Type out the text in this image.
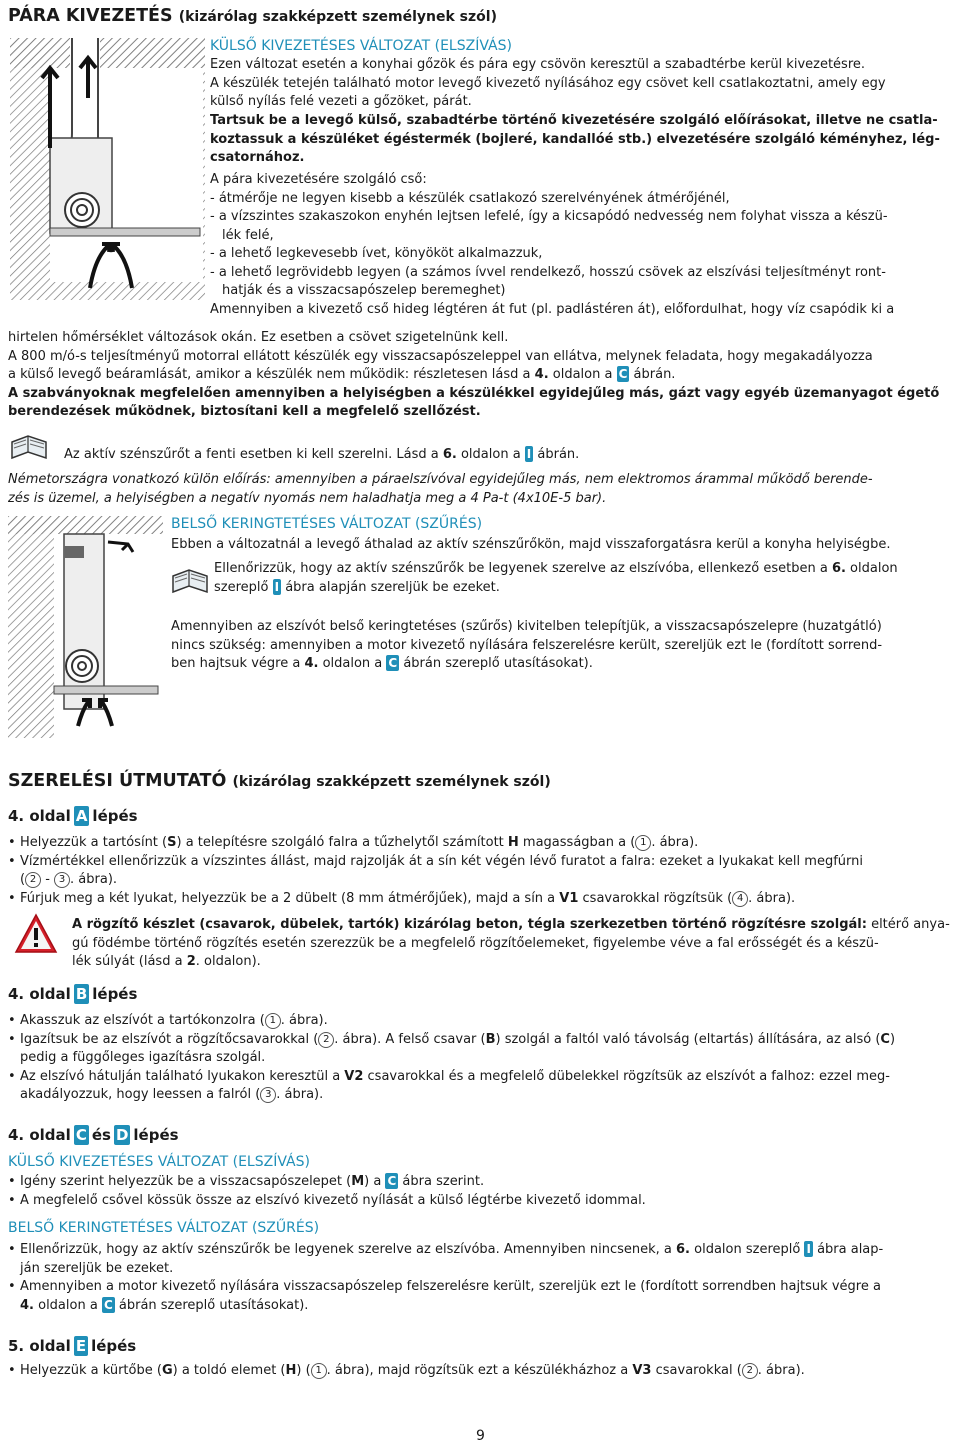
PÁRA KIVEZETÉS (kizárólag szakképzett személynek szól)
KÜLSŐ KIVEZETÉSES VÁLTOZAT (ELSZÍVÁS)
Ezen változat esetén a konyhai gőzök és pára egy csövön keresztül a szabadtérbe kerül kivezetésre.
A készülék tetején található motor levegő kivezető nyílásához egy csövet kell csatlakoztatni, amely egy
külső nyílás felé vezeti a gőzöket, párát.
Tartsuk be a levegő külső, szabadtérbe történő kivezetésére szolgáló előírásokat, illetve ne csatla-
koztassuk a készüléket égéstermék (bojleré, kandallóé stb.) elvezetésére szolgáló kéményhez, lég-
csatornához.
A pára kivezetésére szolgáló cső:
- átmérője ne legyen kisebb a készülék csatlakozó szerelvényének átmérőjénél,
- a vízszintes szakaszokon enyhén lejtsen lefelé, így a kicsapódó nedvesség nem folyhat vissza a készü-
lék felé,
- a lehető legkevesebb ívet, könyököt alkalmazzuk,
- a lehető legrövidebb legyen (a számos ívvel rendelkező, hosszú csövek az elszívási teljesítményt ront-
hatják és a visszacsapószelep beremeghet)
Amennyiben a kivezető cső hideg légtéren át fut (pl. padlástéren át), előfordulhat, hogy víz csapódik ki a
hirtelen hőmérséklet változások okán. Ez esetben a csövet szigetelnünk kell.
A 800 m/ó-s teljesítményű motorral ellátott készülék egy visszacsapószeleppel van ellátva, melynek feladata, hogy megakadályozza
a külső levegő beáramlását, amikor a készülék nem működik: részletesen lásd a 4. oldalon a C ábrán.
A szabványoknak megfelelően amennyiben a helyiségben a készülékkel egyidejűleg más, gázt vagy egyéb üzemanyagot égető
berendezések működnek, biztosítani kell a megfelelő szellőzést.
Az aktív szénszűrőt a fenti esetben ki kell szerelni. Lásd a 6. oldalon a I ábrán.
Németországra vonatkozó külön előírás: amennyiben a páraelszívóval egyidejűleg más, nem elektromos árammal működő berende-
zés is üzemel, a helyiségben a negatív nyomás nem haladhatja meg a 4 Pa-t (4x10E-5 bar).
BELSŐ KERINGTETÉSES VÁLTOZAT (SZŰRÉS)
Ebben a változatnál a levegő áthalad az aktív szénszűrőkön, majd visszaforgatásra kerül a konyha helyiségbe.
Ellenőrizzük, hogy az aktív szénszűrők be legyenek szerelve az elszívóba, ellenkező esetben a 6. oldalon
szereplő I ábra alapján szereljük be ezeket.
Amennyiben az elszívót belső keringtetéses (szűrős) kivitelben telepítjük, a visszacsapószelepre (huzatgátló)
nincs szükség: amennyiben a motor kivezető nyílására felszerelésre került, szereljük ezt le (fordított sorrend-
ben hajtsuk végre a 4. oldalon a C ábrán szereplő utasításokat).
SZERELÉSI ÚTMUTATÓ (kizárólag szakképzett személynek szól)
4. oldal A lépés
• Helyezzük a tartósínt (S) a telepítésre szolgáló falra a tűzhelytől számított H magasságban a ( 1 . ábra).
• Vízmértékkel ellenőrizzük a vízszintes állást, majd rajzolják át a sín két végén lévő furatot a falra: ezeket a lyukakat kell megfúrni
( 2 - 3 . ábra).
• Fúrjuk meg a két lyukat, helyezzük be a 2 dübelt (8 mm átmérőjűek), majd a sín a V1 csavarokkal rögzítsük ( 4 . ábra).
A rögzítő készlet (csavarok, dübelek, tartók) kizárólag beton, tégla szerkezetben történő rögzítésre szolgál: eltérő anya-
gú födémbe történő rögzítés esetén szerezzük be a megfelelő rögzítőelemeket, figyelembe véve a fal erősségét és a készü-
lék súlyát (lásd a 2. oldalon).
4. oldal B lépés
• Akasszuk az elszívót a tartókonzolra ( 1 . ábra).
• Igazítsuk be az elszívót a rögzítőcsavarokkal ( 2 . ábra). A felső csavar (B) szolgál a faltól való távolság (eltartás) állítására, az alsó (C)
pedig a függőleges igazításra szolgál.
• Az elszívó hátulján található lyukakon keresztül a V2 csavarokkal és a megfelelő dübelekkel rögzítsük az elszívót a falhoz: ezzel meg-
akadályozzuk, hogy leessen a falról ( 3 . ábra).
4. oldal C és D lépés
KÜLSŐ KIVEZETÉSES VÁLTOZAT (ELSZÍVÁS)
• Igény szerint helyezzük be a visszacsapószelepet (M) a C ábra szerint.
• A megfelelő csővel kössük össze az elszívó kivezető nyílását a külső légtérbe kivezető idommal.
BELSŐ KERINGTETÉSES VÁLTOZAT (SZŰRÉS)
• Ellenőrizzük, hogy az aktív szénszűrők be legyenek szerelve az elszívóba. Amennyiben nincsenek, a 6. oldalon szereplő I ábra alap-
ján szereljük be ezeket.
• Amennyiben a motor kivezető nyílására visszacsapószelep felszerelésre került, szereljük ezt le (fordított sorrendben hajtsuk végre a
4. oldalon a C ábrán szereplő utasításokat).
5. oldal E lépés
• Helyezzük a kürtőbe (G) a toldó elemet (H) ( 1 . ábra), majd rögzítsük ezt a készülékházhoz a V3 csavarokkal ( 2 . ábra).
9
